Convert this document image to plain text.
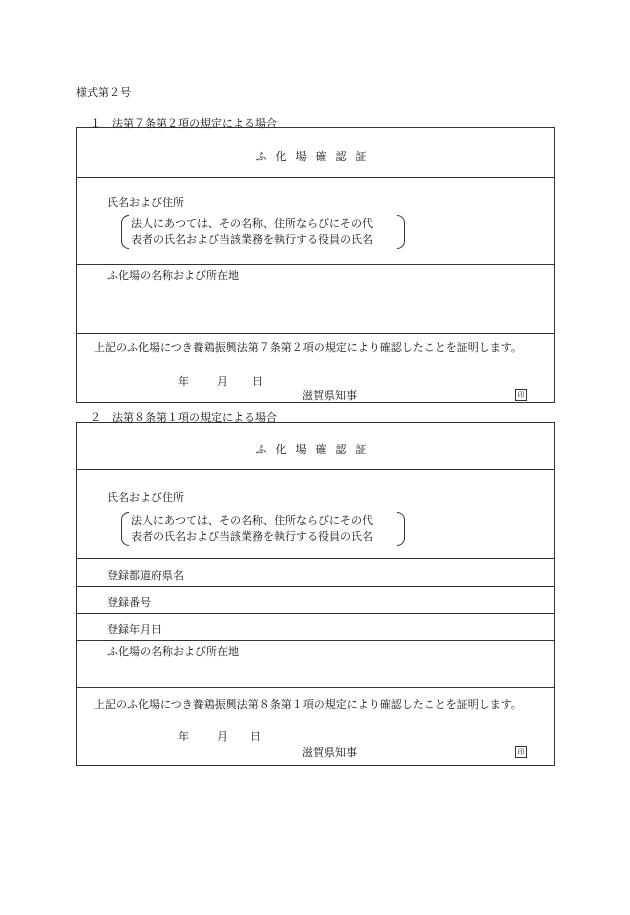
様式第２号
１　法第７条第２項の規定による場合
ふ化場確認証
氏名および住所
法人にあつては、その名称、住所ならびにその代
表者の氏名および当該業務を執行する役員の氏名
ふ化場の名称および所在地
上記のふ化場につき養鶏振興法第７条第２項の規定により確認したことを証明します。
年	月 日
滋賀県知事	印
２　法第８条第１項の規定による場合
ふ化場確認証
氏名および住所
法人にあつては、その名称、住所ならびにその代
表者の氏名および当該業務を執行する役員の氏名
登録都道府県名
登録番号
登録年月日
ふ化場の名称および所在地
上記のふ化場につき養鶏振興法第８条第１項の規定により確認したことを証明します。
年	月 日
滋賀県知事	印
